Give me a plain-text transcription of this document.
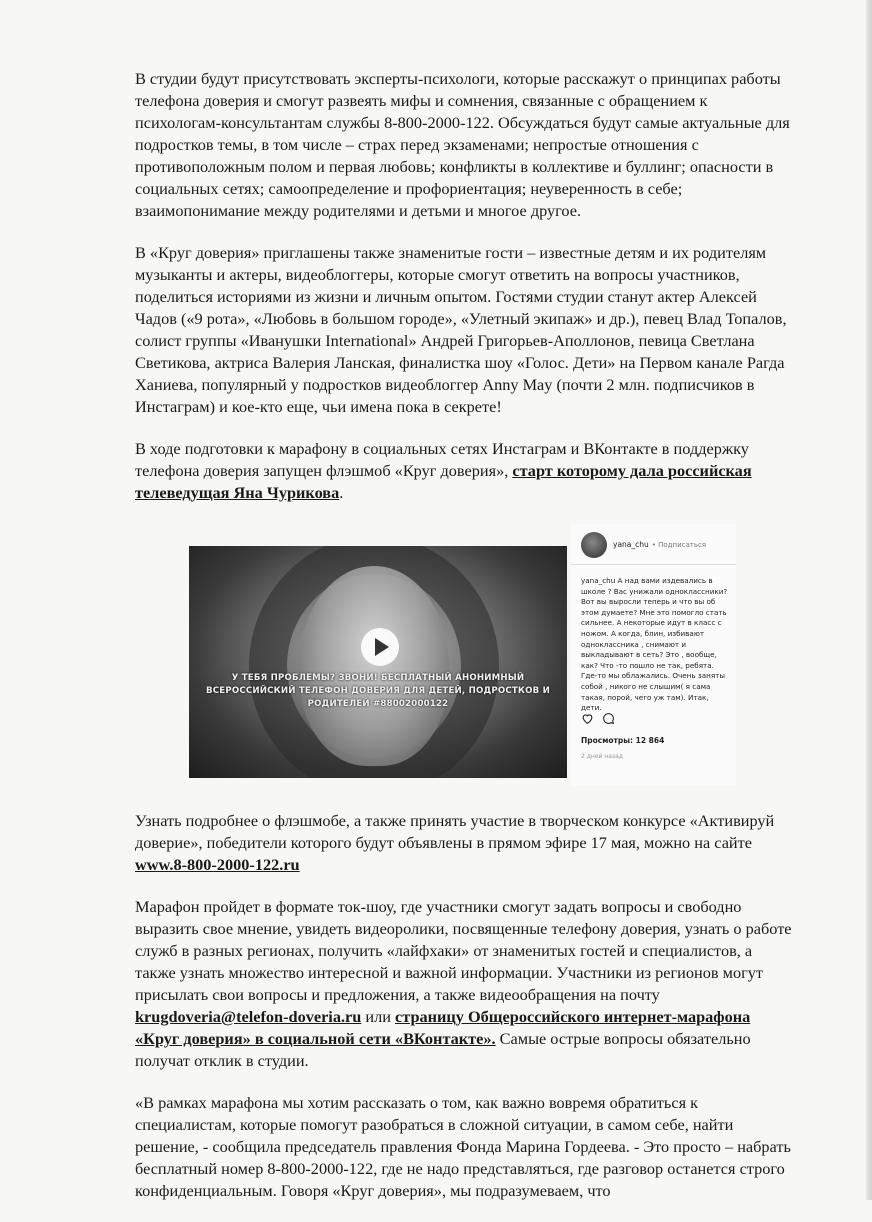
В студии будут присутствовать эксперты-психологи, которые расскажут о принципах работы телефона доверия и смогут развеять мифы и сомнения, связанные с обращением к психологам-консультантам службы 8-800-2000-122. Обсуждаться будут самые актуальные для подростков темы, в том числе – страх перед экзаменами; непростые отношения с противоположным полом и первая любовь; конфликты в коллективе и буллинг; опасности в социальных сетях; самоопределение и профориентация; неуверенность в себе; взаимопонимание между родителями и детьми и многое другое.

В «Круг доверия» приглашены также знаменитые гости – известные детям и их родителям музыканты и актеры, видеоблоггеры, которые смогут ответить на вопросы участников, поделиться историями из жизни и личным опытом. Гостями студии станут актер Алексей Чадов («9 рота», «Любовь в большом городе», «Улетный экипаж» и др.), певец Влад Топалов, солист группы «Иванушки International» Андрей Григорьев-Аполлонов, певица Светлана Светикова, актриса Валерия Ланская, финалистка шоу «Голос. Дети» на Первом канале Рагда Ханиева, популярный у подростков видеоблоггер Anny May (почти 2 млн. подписчиков в Инстаграм) и кое-кто еще, чьи имена пока в секрете!

В ходе подготовки к марафону в социальных сетях Инстаграм и ВКонтакте в поддержку телефона доверия запущен флэшмоб «Круг доверия», старт которому дала российская телеведущая Яна Чурикова.

У ТЕБЯ ПРОБЛЕМЫ? ЗВОНИ! БЕСПЛАТНЫЙ АНОНИМНЫЙ ВСЕРОССИЙСКИЙ ТЕЛЕФОН ДОВЕРИЯ ДЛЯ ДЕТЕЙ, ПОДРОСТКОВ И РОДИТЕЛЕЙ #88002000122
yana_chu • Подписаться
yana_chu А над вами издевались в школе ? Вас унижали одноклассники? Вот вы выросли теперь и что вы об этом думаете? Мне это помогло стать сильнее. А некоторые идут в класс с ножом. А когда, блин, избивают одноклассника , снимают и выкладывают в сеть? Это , вообще, как? Что -то пошло не так, ребята. Где-то мы облажались. Очень заняты собой , никого не слышим( я сама такая, порой, чего уж там). Итак, дети.
Просмотры: 12 864
2 дней назад

Узнать подробнее о флэшмобе, а также принять участие в творческом конкурсе «Активируй доверие», победители которого будут объявлены в прямом эфире 17 мая, можно на сайте www.8-800-2000-122.ru

Марафон пройдет в формате ток-шоу, где участники смогут задать вопросы и свободно выразить свое мнение, увидеть видеоролики, посвященные телефону доверия, узнать о работе служб в разных регионах, получить «лайфхаки» от знаменитых гостей и специалистов, а также узнать множество интересной и важной информации. Участники из регионов могут присылать свои вопросы и предложения, а также видеообращения на почту krugdoveria@telefon-doveria.ru или страницу Общероссийского интернет-марафона «Круг доверия» в социальной сети «ВКонтакте». Самые острые вопросы обязательно получат отклик в студии.

«В рамках марафона мы хотим рассказать о том, как важно вовремя обратиться к специалистам, которые помогут разобраться в сложной ситуации, в самом себе, найти решение, - сообщила председатель правления Фонда Марина Гордеева. - Это просто – набрать бесплатный номер 8-800-2000-122, где не надо представляться, где разговор останется строго конфиденциальным. Говоря «Круг доверия», мы подразумеваем, что
